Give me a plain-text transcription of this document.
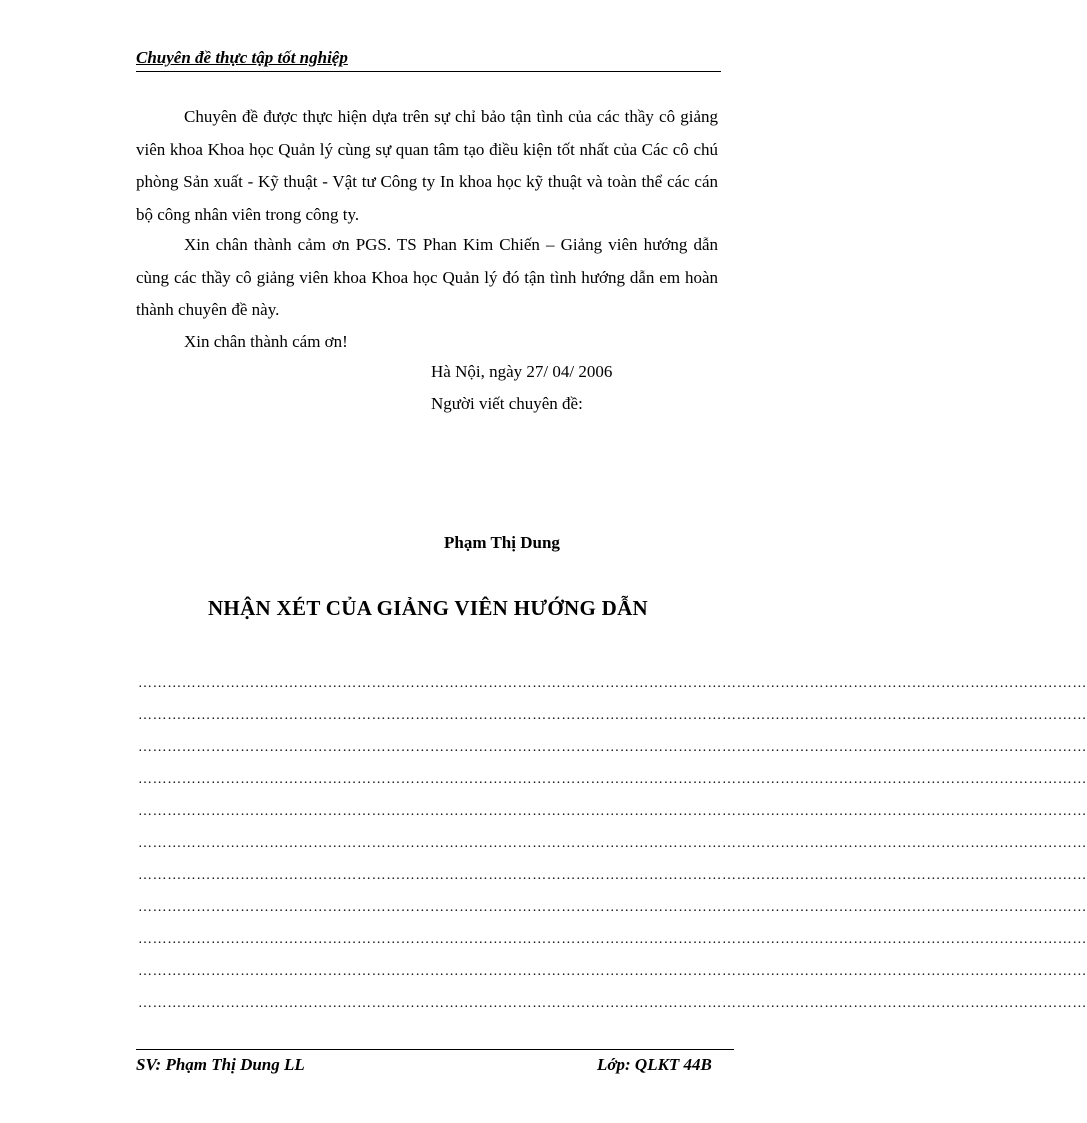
Chuyên đề thực tập tốt nghiệp

Chuyên đề được thực hiện dựa trên sự chỉ bảo tận tình của các thầy cô giảng viên khoa Khoa học Quản lý cùng sự quan tâm tạo điều kiện tốt nhất của Các cô chú phòng Sản xuất - Kỹ thuật - Vật tư Công ty In khoa học kỹ thuật và toàn thể các cán bộ công nhân viên trong công ty.

Xin chân thành cảm ơn PGS. TS Phan Kim Chiến – Giảng viên hướng dẫn cùng các thầy cô giảng viên khoa Khoa học Quản lý đó tận tình hướng dẫn em hoàn thành chuyên đề này.

Xin chân thành cám ơn!

Hà Nội, ngày 27/ 04/ 2006
Người viết chuyên đề:
Phạm Thị Dung
NHẬN XÉT CỦA GIẢNG VIÊN HƯỚNG DẪN
……………………………………………………………………………………………………………………………………………………………………………
……………………………………………………………………………………………………………………………………………………………………………
……………………………………………………………………………………………………………………………………………………………………………
……………………………………………………………………………………………………………………………………………………………………………
……………………………………………………………………………………………………………………………………………………………………………
……………………………………………………………………………………………………………………………………………………………………………
……………………………………………………………………………………………………………………………………………………………………………
……………………………………………………………………………………………………………………………………………………………………………
……………………………………………………………………………………………………………………………………………………………………………
……………………………………………………………………………………………………………………………………………………………………………
……………………………………………………………………………………………………………………………………………………………………………
SV: Phạm Thị Dung LL	Lớp: QLKT 44B
